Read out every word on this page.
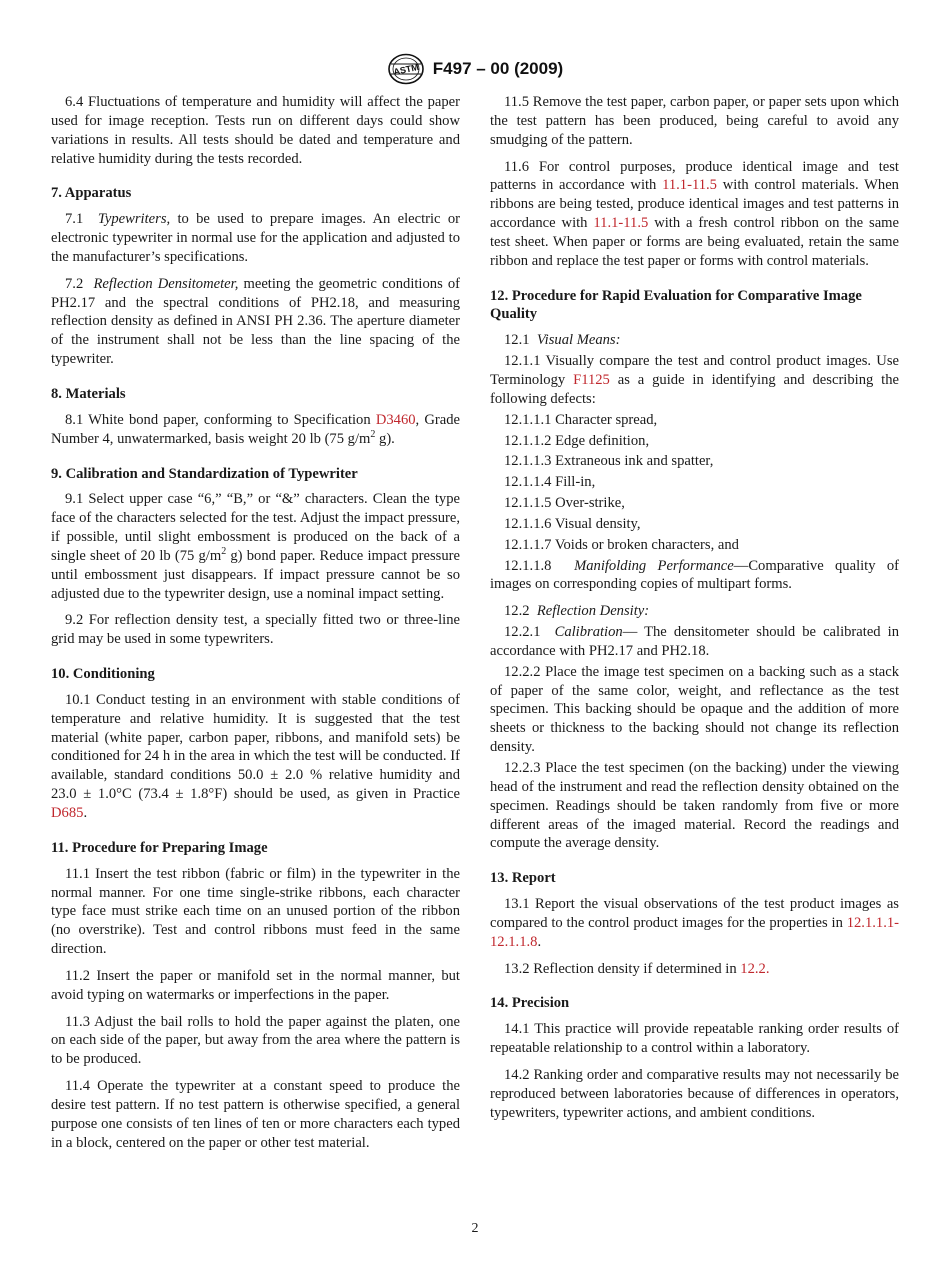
ASTM F497 – 00 (2009)

6.4 Fluctuations of temperature and humidity will affect the paper used for image reception. Tests run on different days could show variations in results. All tests should be dated and temperature and relative humidity during the tests recorded.

7. Apparatus

7.1 Typewriters, to be used to prepare images. An electric or electronic typewriter in normal use for the application and adjusted to the manufacturer’s specifications.

7.2 Reflection Densitometer, meeting the geometric conditions of PH2.17 and the spectral conditions of PH2.18, and measuring reflection density as defined in ANSI PH 2.36. The aperture diameter of the instrument shall not be less than the line spacing of the typewriter.

8. Materials

8.1 White bond paper, conforming to Specification D3460, Grade Number 4, unwatermarked, basis weight 20 lb (75 $g/m^2$ g).

9. Calibration and Standardization of Typewriter

9.1 Select upper case “6,” “B,” or “&” characters. Clean the type face of the characters selected for the test. Adjust the impact pressure, if possible, until slight embossment is produced on the back of a single sheet of 20 lb (75 $g/m^2$ g) bond paper. Reduce impact pressure until embossment just disappears. If impact pressure cannot be so adjusted due to the typewriter design, use a nominal impact setting.

9.2 For reflection density test, a specially fitted two or three-line grid may be used in some typewriters.

10. Conditioning

10.1 Conduct testing in an environment with stable conditions of temperature and relative humidity. It is suggested that the test material (white paper, carbon paper, ribbons, and manifold sets) be conditioned for 24 h in the area in which the test will be conducted. If available, standard conditions 50.0 ± 2.0 % relative humidity and 23.0 ± 1.0°C (73.4 ± 1.8°F) should be used, as given in Practice D685.

11. Procedure for Preparing Image

11.1 Insert the test ribbon (fabric or film) in the typewriter in the normal manner. For one time single-strike ribbons, each character type face must strike each time on an unused portion of the ribbon (no overstrike). Test and control ribbons must feed in the same direction.

11.2 Insert the paper or manifold set in the normal manner, but avoid typing on watermarks or imperfections in the paper.

11.3 Adjust the bail rolls to hold the paper against the platen, one on each side of the paper, but away from the area where the pattern is to be produced.

11.4 Operate the typewriter at a constant speed to produce the desire test pattern. If no test pattern is otherwise specified, a general purpose one consists of ten lines of ten or more characters each typed in a block, centered on the paper or other test material.

11.5 Remove the test paper, carbon paper, or paper sets upon which the test pattern has been produced, being careful to avoid any smudging of the pattern.

11.6 For control purposes, produce identical image and test patterns in accordance with 11.1-11.5 with control materials. When ribbons are being tested, produce identical images and test patterns in accordance with 11.1-11.5 with a fresh control ribbon on the same test sheet. When paper or forms are being evaluated, retain the same ribbon and replace the test paper or forms with control materials.

12. Procedure for Rapid Evaluation for Comparative Image Quality

12.1 Visual Means:

12.1.1 Visually compare the test and control product images. Use Terminology F1125 as a guide in identifying and describing the following defects:

12.1.1.1 Character spread,

12.1.1.2 Edge definition,

12.1.1.3 Extraneous ink and spatter,

12.1.1.4 Fill-in,

12.1.1.5 Over-strike,

12.1.1.6 Visual density,

12.1.1.7 Voids or broken characters, and

12.1.1.8 Manifolding Performance—Comparative quality of images on corresponding copies of multipart forms.

12.2 Reflection Density:

12.2.1 Calibration— The densitometer should be calibrated in accordance with PH2.17 and PH2.18.

12.2.2 Place the image test specimen on a backing such as a stack of paper of the same color, weight, and reflectance as the test specimen. This backing should be opaque and the addition of more sheets or thickness to the backing should not change its reflection density.

12.2.3 Place the test specimen (on the backing) under the viewing head of the instrument and read the reflection density obtained on the specimen. Readings should be taken randomly from five or more different areas of the imaged material. Record the readings and compute the average density.

13. Report

13.1 Report the visual observations of the test product images as compared to the control product images for the properties in 12.1.1.1-12.1.1.8.

13.2 Reflection density if determined in 12.2.

14. Precision

14.1 This practice will provide repeatable ranking order results of repeatable relationship to a control within a laboratory.

14.2 Ranking order and comparative results may not necessarily be reproduced between laboratories because of differences in operators, typewriters, typewriter actions, and ambient conditions.

2
